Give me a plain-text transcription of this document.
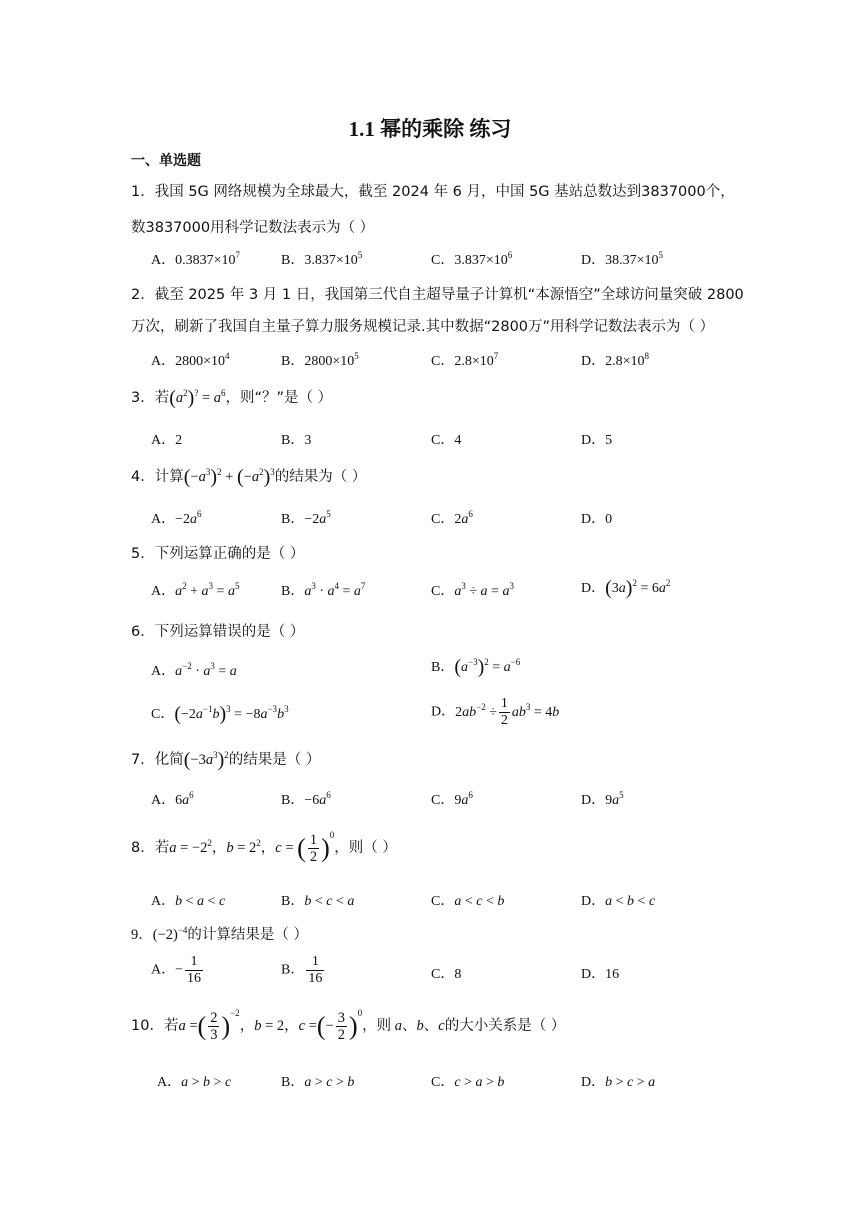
1.1 幂的乘除 练习
一、单选题
1．我国 5G 网络规模为全球最大，截至 2024 年 6 月，中国 5G 基站总数达到3837000个，
数3837000用科学记数法表示为（ ）
A．$0.3837\times 10^7$	B．$3.837\times 10^5$	C．$3.837\times 10^6$	D．$38.37\times 10^5$
2．截至 2025 年 3 月 1 日，我国第三代自主超导量子计算机“本源悟空”全球访问量突破 2800
万次，刷新了我国自主量子算力服务规模记录.其中数据“2800万”用科学记数法表示为（ ）
A．$2800\times 10^4$	B．$2800\times 10^5$	C．$2.8\times 10^7$	D．$2.8\times 10^8$
3．若$(a^2)^? = a^6$，则“？”是（ ）
A．2	B．3	C．4	D．5
4．计算$(-a^3)^2 + (-a^2)^3$的结果为（ ）
A．$-2a^6$	B．$-2a^5$	C．$2a^6$	D．0
5．下列运算正确的是（ ）
A．$a^2 + a^3 = a^5$	B．$a^3 \cdot a^4 = a^7$	C．$a^3 \div a = a^3$	D．$(3a)^2 = 6a^2$
6．下列运算错误的是（ ）
A．$a^{-2} \cdot a^3 = a$	B．$(a^{-3})^2 = a^{-6}$
C．$(-2a^{-1}b)^3 = -8a^{-3}b^3$	D．$2ab^{-2} \div \frac{1}{2} ab^3 = 4b$
7．化简$(-3a^3)^2$的结果是（ ）
A．$6a^6$	B．$-6a^6$	C．$9a^6$	D．$9a^5$
8．若$a = -2^2$，$b = 2^2$，c = ( $\frac{1}{2} )^0$，则（ ）
A．b < a < c	B．b < c < a	C．a < c < b	D．a < b < c
9．$(-2)^{-4}$的计算结果是（ ）
A．− $\frac{1}{16}$	B． $\frac{1}{16}$	C．8	D．16
10．若a =( $\frac{2}{3} )^{-2}$，b = 2，c =(− $\frac{3}{2} )^0$，则 a、b、c的大小关系是（ ）
A．a > b > c	B．a > c > b	C．c > a > b	D．b > c > a
